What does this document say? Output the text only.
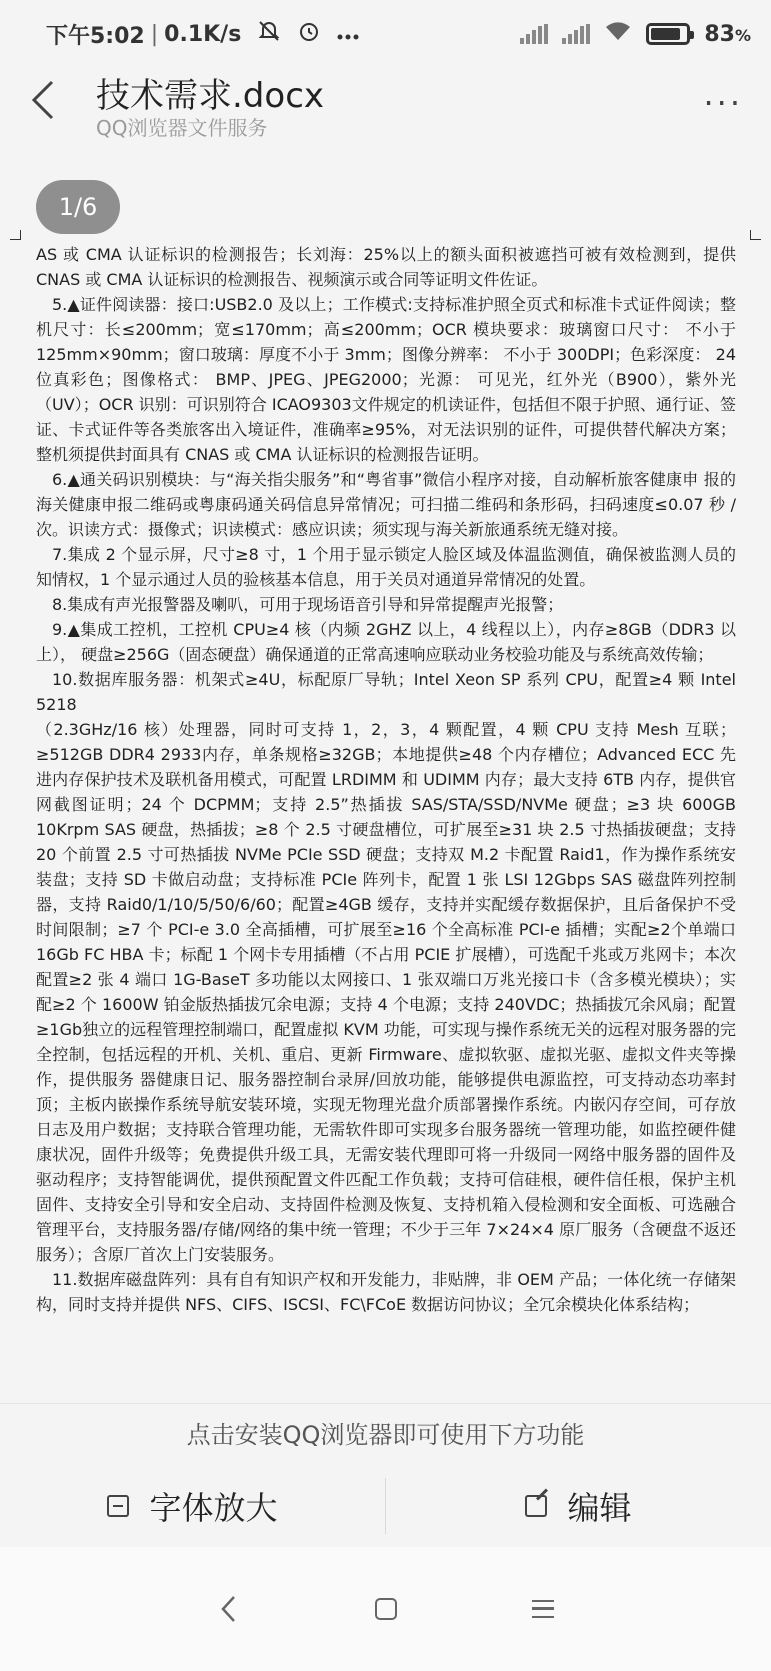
下午5:02 | 0.1K/s	83%
技术需求.docx
QQ浏览器文件服务
···

AS 或 CMA 认证标识的检测报告；长刘海：25%以上的额头面积被遮挡可被有效检测到，提供 CNAS 或 CMA 认证标识的检测报告、视频演示或合同等证明文件佐证。

5.▲证件阅读器：接口:USB2.0 及以上；工作模式:支持标准护照全页式和标准卡式证件阅读；整机尺寸：长≤200mm；宽≤170mm；高≤200mm；OCR 模块要求：玻璃窗口尺寸： 不小于 125mm×90mm；窗口玻璃：厚度不小于 3mm；图像分辨率： 不小于 300DPI；色彩深度： 24 位真彩色；图像格式： BMP、JPEG、JPEG2000；光源： 可见光，红外光（B900），紫外光（UV）；OCR 识别：可识别符合 ICAO9303文件规定的机读证件，包括但不限于护照、通行证、签证、卡式证件等各类旅客出入境证件，准确率≥95%，对无法识别的证件，可提供替代解决方案；整机须提供封面具有 CNAS 或 CMA 认证标识的检测报告证明。

6.▲通关码识别模块：与“海关指尖服务”和“粤省事”微信小程序对接，自动解析旅客健康申 报的海关健康申报二维码或粤康码通关码信息异常情况；可扫描二维码和条形码，扫码速度≤0.07 秒 /次。识读方式：摄像式；识读模式：感应识读；须实现与海关新旅通系统无缝对接。

7.集成 2 个显示屏，尺寸≥8 寸，1 个用于显示锁定人脸区域及体温监测值，确保被监测人员的知情权，1 个显示通过人员的验核基本信息，用于关员对通道异常情况的处置。

8.集成有声光报警器及喇叭，可用于现场语音引导和异常提醒声光报警；

9.▲集成工控机，工控机 CPU≥4 核（内频 2GHZ 以上，4 线程以上），内存≥8GB（DDR3 以上）， 硬盘≥256G（固态硬盘）确保通道的正常高速响应联动业务校验功能及与系统高效传输；

10.数据库服务器：机架式≥4U，标配原厂导轨；Intel Xeon SP 系列 CPU，配置≥4 颗 Intel 5218

（2.3GHz/16 核）处理器，同时可支持 1，2，3，4 颗配置，4 颗 CPU 支持 Mesh 互联；≥512GB DDR4 2933内存，单条规格≥32GB；本地提供≥48 个内存槽位；Advanced ECC 先进内存保护技术及联机备用模式，可配置 LRDIMM 和 UDIMM 内存；最大支持 6TB 内存，提供官网截图证明；24 个 DCPMM；支持 2.5”热插拔 SAS/STA/SSD/NVMe 硬盘；≥3 块 600GB 10Krpm SAS 硬盘，热插拔；≥8 个 2.5 寸硬盘槽位，可扩展至≥31 块 2.5 寸热插拔硬盘；支持 20 个前置 2.5 寸可热插拔 NVMe PCIe SSD 硬盘；支持双 M.2 卡配置 Raid1，作为操作系统安装盘；支持 SD 卡做启动盘；支持标准 PCIe 阵列卡，配置 1 张 LSI 12Gbps SAS 磁盘阵列控制器，支持 Raid0/1/10/5/50/6/60；配置≥4GB 缓存，支持并实配缓存数据保护，且后备保护不受时间限制；≥7 个 PCI-e 3.0 全高插槽，可扩展至≥16 个全高标准 PCI-e 插槽；实配≥2个单端口 16Gb FC HBA 卡；标配 1 个网卡专用插槽（不占用 PCIE 扩展槽），可选配千兆或万兆网卡；本次配置≥2 张 4 端口 1G-BaseT 多功能以太网接口、1 张双端口万兆光接口卡（含多模光模块）；实 配≥2 个 1600W 铂金版热插拔冗余电源；支持 4 个电源；支持 240VDC；热插拔冗余风扇；配置≥1Gb独立的远程管理控制端口，配置虚拟 KVM 功能，可实现与操作系统无关的远程对服务器的完全控制，包括远程的开机、关机、重启、更新 Firmware、虚拟软驱、虚拟光驱、虚拟文件夹等操作，提供服务 器健康日记、服务器控制台录屏/回放功能，能够提供电源监控，可支持动态功率封顶；主板内嵌操作系统导航安装环境，实现无物理光盘介质部署操作系统。内嵌闪存空间，可存放日志及用户数据；支持联合管理功能，无需软件即可实现多台服务器统一管理功能，如监控硬件健康状况，固件升级等；免费提供升级工具，无需安装代理即可将一升级同一网络中服务器的固件及驱动程序；支持智能调优，提供预配置文件匹配工作负载；支持可信硅根，硬件信任根，保护主机固件、支持安全引导和安全启动、支持固件检测及恢复、支持机箱入侵检测和安全面板、可选融合管理平台，支持服务器/存储/网络的集中统一管理；不少于三年 7×24×4 原厂服务（含硬盘不返还服务）；含原厂首次上门安装服务。

11.数据库磁盘阵列：具有自有知识产权和开发能力，非贴牌，非 OEM 产品；一体化统一存储架构，同时支持并提供 NFS、CIFS、ISCSI、FC\FCoE 数据访问协议；全冗余模块化体系结构；

1/6
点击安装QQ浏览器即可使用下方功能
字体放大	编辑
